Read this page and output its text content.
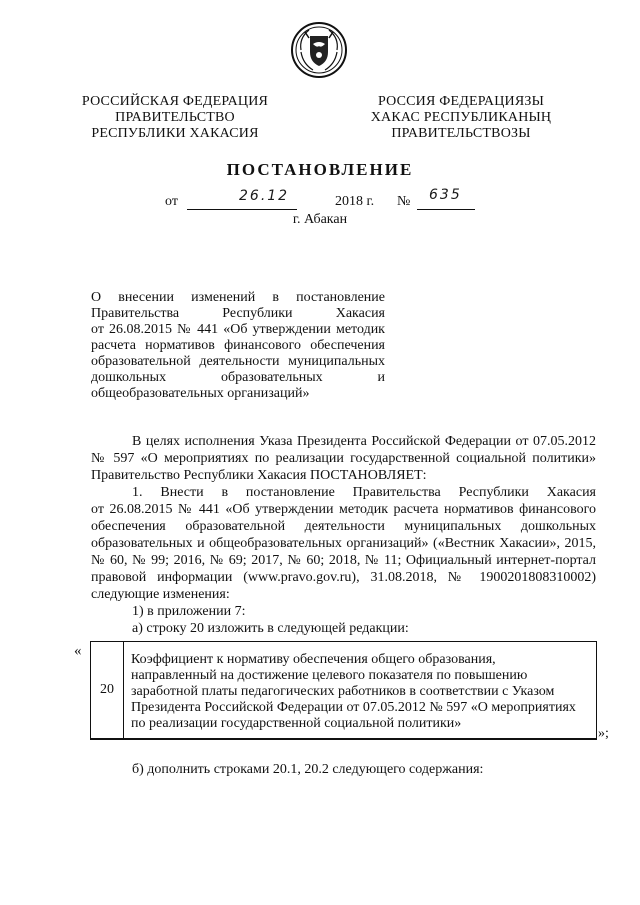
РОССИЙСКАЯ ФЕДЕРАЦИЯ
ПРАВИТЕЛЬСТВО
РЕСПУБЛИКИ ХАКАСИЯ
РОССИЯ ФЕДЕРАЦИЯЗЫ
ХАКАС РЕСПУБЛИКАНЫҢ
ПРАВИТЕЛЬСТВОЗЫ
ПОСТАНОВЛЕНИЕ
от	26.12	2018 г. № 635
г. Абакан
О внесении изменений в постановление
Правительства Республики Хакасия
от 26.08.2015 № 441 «Об утверждении методик
расчета нормативов финансового обеспечения
образовательной деятельности муниципальных
дошкольных образовательных и
общеобразовательных организаций»
В целях исполнения Указа Президента Российской Федерации от 07.05.2012
№ 597 «О мероприятиях по реализации государственной социальной политики»
Правительство Республики Хакасия ПОСТАНОВЛЯЕТ:
1. Внести в постановление Правительства Республики Хакасия
от 26.08.2015 № 441 «Об утверждении методик расчета нормативов финансового
обеспечения образовательной деятельности муниципальных дошкольных
образовательных и общеобразовательных организаций» («Вестник Хакасии», 2015,
№ 60, № 99; 2016, № 69; 2017, № 60; 2018, № 11; Официальный интернет-портал
правовой информации (www.pravo.gov.ru), 31.08.2018, № 1900201808310002)
следующие изменения:
1) в приложении 7:
а) строку 20 изложить в следующей редакции:
«
20
Коэффициент к нормативу обеспечения общего образования,
направленный на достижение целевого показателя по повышению
заработной платы педагогических работников в соответствии с Указом
Президента Российской Федерации от 07.05.2012 № 597 «О мероприятиях
по реализации государственной социальной политики»
»;
б) дополнить строками 20.1, 20.2 следующего содержания:
